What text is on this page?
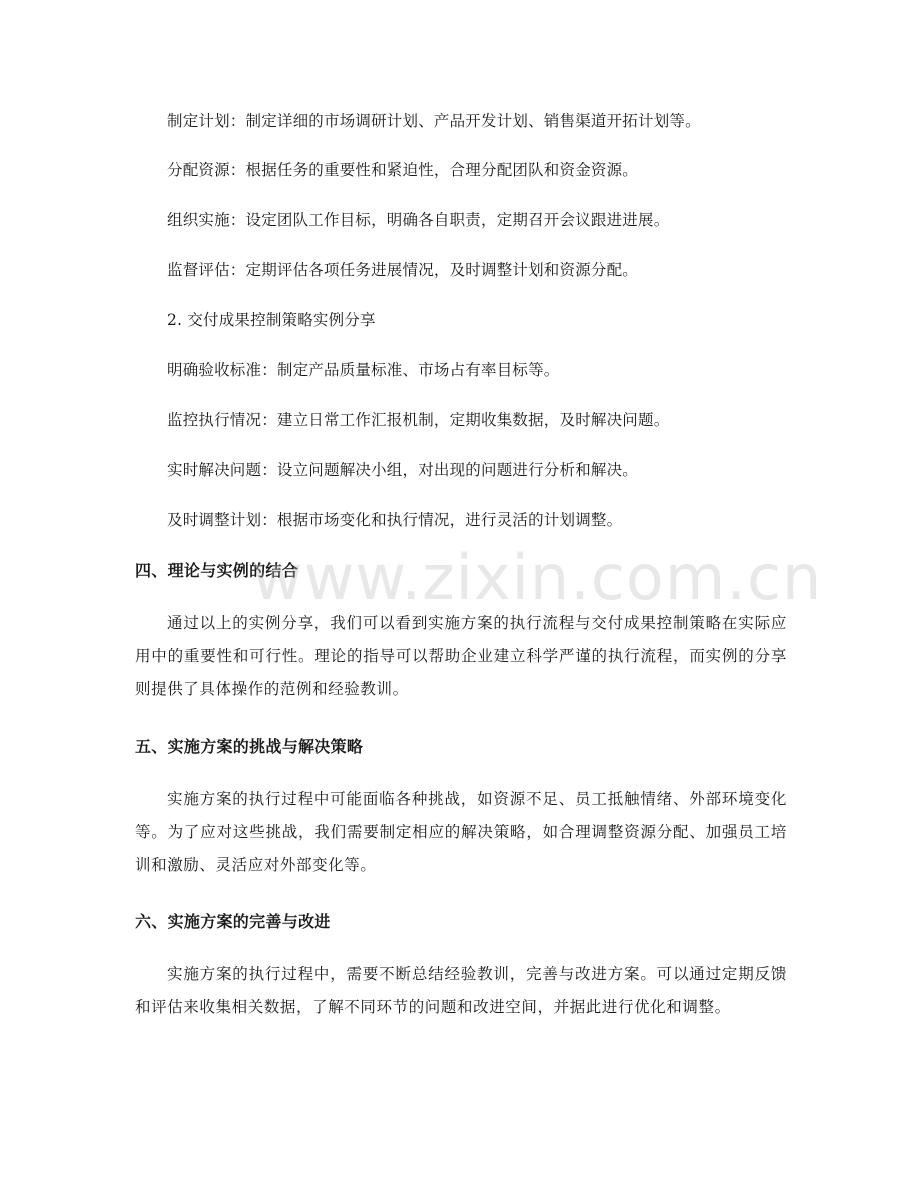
制定计划：制定详细的市场调研计划、产品开发计划、销售渠道开拓计划等。
分配资源：根据任务的重要性和紧迫性，合理分配团队和资金资源。
组织实施：设定团队工作目标，明确各自职责，定期召开会议跟进进展。
监督评估：定期评估各项任务进展情况，及时调整计划和资源分配。
2. 交付成果控制策略实例分享
明确验收标准：制定产品质量标准、市场占有率目标等。
监控执行情况：建立日常工作汇报机制，定期收集数据，及时解决问题。
实时解决问题：设立问题解决小组，对出现的问题进行分析和解决。
及时调整计划：根据市场变化和执行情况，进行灵活的计划调整。
四、理论与实例的结合
通过以上的实例分享，我们可以看到实施方案的执行流程与交付成果控制策略在实际应用中的重要性和可行性。理论的指导可以帮助企业建立科学严谨的执行流程，而实例的分享则提供了具体操作的范例和经验教训。
五、实施方案的挑战与解决策略
实施方案的执行过程中可能面临各种挑战，如资源不足、员工抵触情绪、外部环境变化等。为了应对这些挑战，我们需要制定相应的解决策略，如合理调整资源分配、加强员工培训和激励、灵活应对外部变化等。
六、实施方案的完善与改进
实施方案的执行过程中，需要不断总结经验教训，完善与改进方案。可以通过定期反馈和评估来收集相关数据，了解不同环节的问题和改进空间，并据此进行优化和调整。
www.zixin.com.cn
